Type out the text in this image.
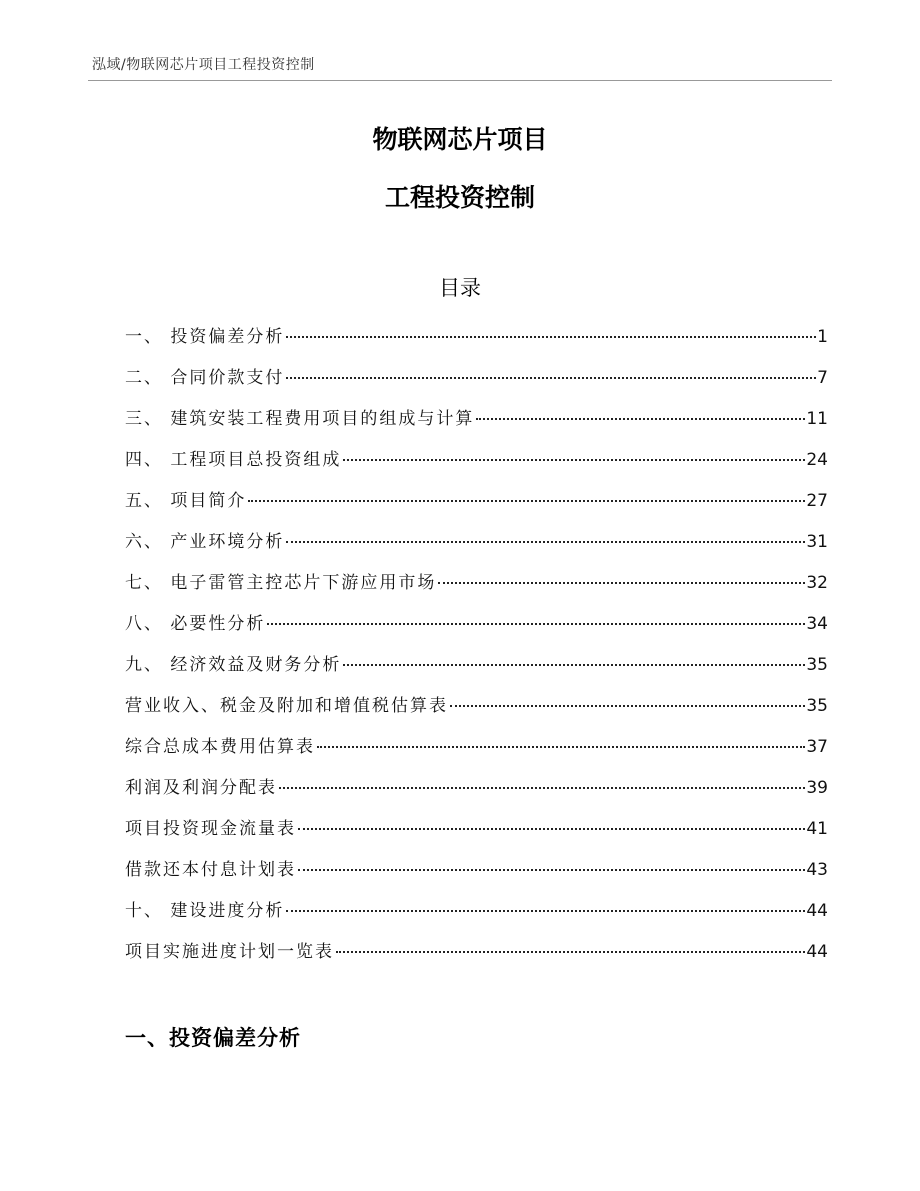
泓域/物联网芯片项目工程投资控制
物联网芯片项目
工程投资控制
目录
一、 投资偏差分析	1
二、 合同价款支付	7
三、 建筑安装工程费用项目的组成与计算	11
四、 工程项目总投资组成	24
五、 项目简介	27
六、 产业环境分析	31
七、 电子雷管主控芯片下游应用市场	32
八、 必要性分析	34
九、 经济效益及财务分析	35
营业收入、税金及附加和增值税估算表	35
综合总成本费用估算表	37
利润及利润分配表	39
项目投资现金流量表	41
借款还本付息计划表	43
十、 建设进度分析	44
项目实施进度计划一览表	44
一、投资偏差分析
